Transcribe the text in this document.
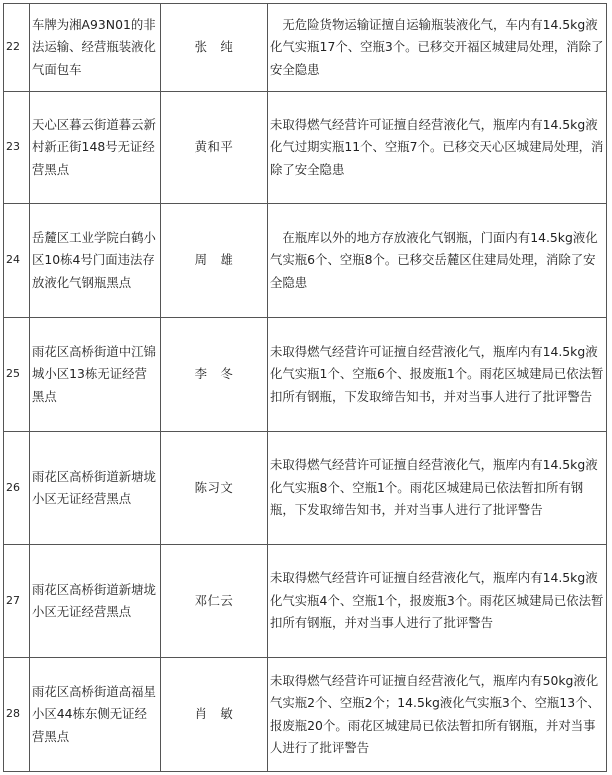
22	车牌为湘A93N01的非法运输、经营瓶装液化气面包车	张　纯	　无危险货物运输证擅自运输瓶装液化气，车内有14.5kg液化气实瓶17个、空瓶3个。已移交开福区城建局处理，消除了安全隐患
23	天心区暮云街道暮云新村新正街148号无证经营黑点	黄和平	未取得燃气经营许可证擅自经营液化气，瓶库内有14.5kg液化气过期实瓶11个、空瓶7个。已移交天心区城建局处理，消除了安全隐患
24	岳麓区工业学院白鹤小区10栋4号门面违法存放液化气钢瓶黑点	周　雄	　在瓶库以外的地方存放液化气钢瓶，门面内有14.5kg液化气实瓶6个、空瓶8个。已移交岳麓区住建局处理，消除了安全隐患
25	雨花区高桥街道中江锦城小区13栋无证经营黑点	李　冬	未取得燃气经营许可证擅自经营液化气，瓶库内有14.5kg液化气实瓶1个、空瓶6个、报废瓶1个。雨花区城建局已依法暂扣所有钢瓶，下发取缔告知书，并对当事人进行了批评警告
26	雨花区高桥街道新塘垅小区无证经营黑点	陈习文	未取得燃气经营许可证擅自经营液化气，瓶库内有14.5kg液化气实瓶8个、空瓶1个。雨花区城建局已依法暂扣所有钢瓶，下发取缔告知书，并对当事人进行了批评警告
27	雨花区高桥街道新塘垅小区无证经营黑点	邓仁云	未取得燃气经营许可证擅自经营液化气，瓶库内有14.5kg液化气实瓶4个、空瓶1个，报废瓶3个。雨花区城建局已依法暂扣所有钢瓶，并对当事人进行了批评警告
28	雨花区高桥街道高福星小区44栋东侧无证经营黑点	肖　敏	未取得燃气经营许可证擅自经营液化气，瓶库内有50kg液化气实瓶2个、空瓶2个；14.5kg液化气实瓶3个、空瓶13个、报废瓶20个。雨花区城建局已依法暂扣所有钢瓶，并对当事人进行了批评警告
